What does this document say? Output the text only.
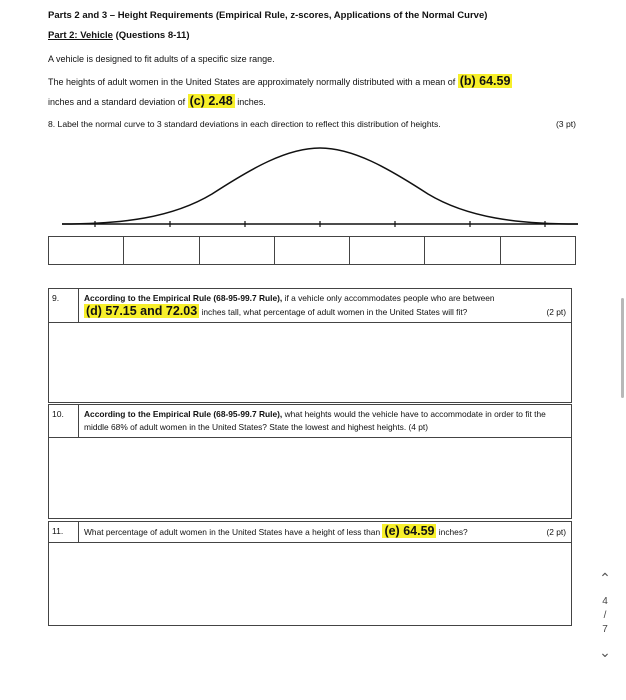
Parts 2 and 3 – Height Requirements (Empirical Rule, z-scores, Applications of the Normal Curve)
Part 2: Vehicle (Questions 8-11)
A vehicle is designed to fit adults of a specific size range.
The heights of adult women in the United States are approximately normally distributed with a mean of (b) 64.59
inches and a standard deviation of (c) 2.48 inches.
8. Label the normal curve to 3 standard deviations in each direction to reflect this distribution of heights.	(3 pt)
9.	According to the Empirical Rule (68-95-99.7 Rule), if a vehicle only accommodates people who are between
(d) 57.15 and 72.03 inches tall, what percentage of adult women in the United States will fit?	(2 pt)
10.	According to the Empirical Rule (68-95-99.7 Rule), what heights would the vehicle have to accommodate in order to fit the middle 68% of adult women in the United States? State the lowest and highest heights. (4 pt)
11.	What percentage of adult women in the United States have a height of less than (e) 64.59 inches?	(2 pt)
⌃
4
/
7
⌄
